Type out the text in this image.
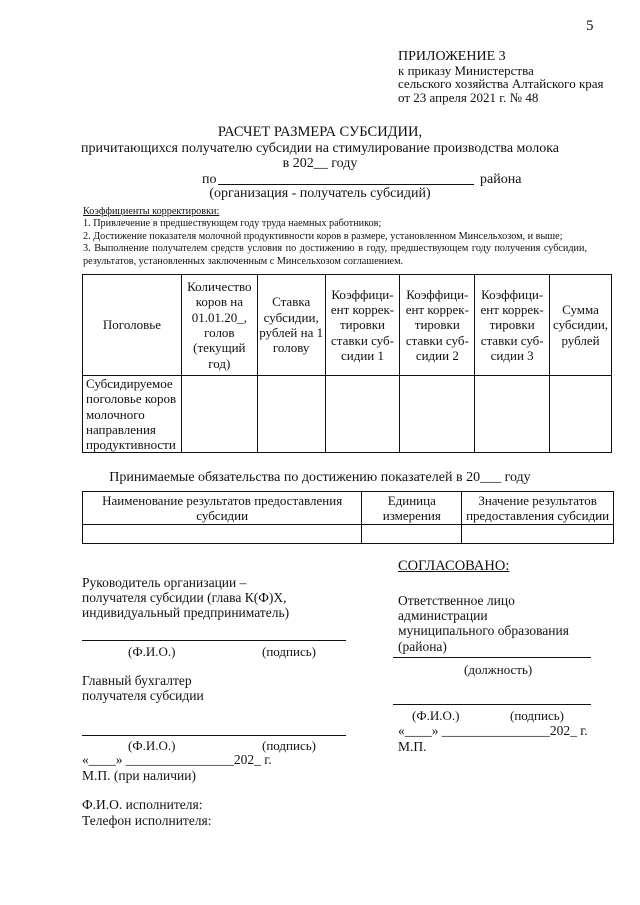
5
ПРИЛОЖЕНИЕ 3
к приказу Министерства
сельского хозяйства Алтайского края
от 23 апреля 2021 г. № 48
РАСЧЕТ РАЗМЕРА СУБСИДИИ,
причитающихся получателю субсидии на стимулирование производства молока
в 202__ году
по	района
(организация - получатель субсидий)
Коэффициенты корректировки:
1. Привлечение в предшествующем году труда наемных работников;
2. Достижение показателя молочной продуктивности коров в размере, установленном Минсельхозом, и выше;
3. Выполнение получателем средств условия по достижению в году, предшествующем году получения субсидии, результатов, установленных заключенным с Минсельхозом соглашением.
Поголовье	Количество коров на 01.01.20_, голов (текущий год)	Ставка субсидии, рублей на 1 голову	Коэффици-ент коррек-тировки ставки суб-сидии 1	Коэффици-ент коррек-тировки ставки суб-сидии 2	Коэффици-ент коррек-тировки ставки суб-сидии 3	Сумма субсидии, рублей
Субсидируемое поголовье коров молочного направления продуктивности						
Принимаемые обязательства по достижению показателей в 20___ году
Наименование результатов предоставления субсидии	Единица измерения	Значение результатов предоставления субсидии

СОГЛАСОВАНО:
Руководитель организации –
получателя субсидии (глава К(Ф)Х,
индивидуальный предприниматель)
(Ф.И.О.)	(подпись)
Главный бухгалтер
получателя субсидии
(Ф.И.О.)	(подпись)
«____» ________________202_ г.
М.П. (при наличии)
Ответственное лицо
администрации
муниципального образования
(района)
(должность)
(Ф.И.О.)	(подпись)
«____» ________________202_ г.
М.П.
Ф.И.О. исполнителя:
Телефон исполнителя:
